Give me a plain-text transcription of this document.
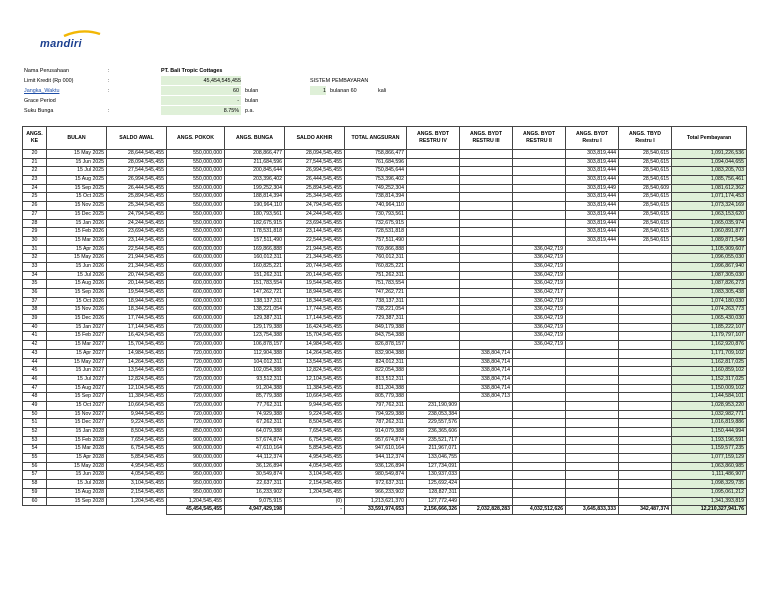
mandiri
Nama Perusahaan	:	PT. Bali Tropic Cottages
Limit Kredit (Rp 000)	:	45,454,545,455	SISTEM PEMBAYARAN
Jangka_Waktu	:	60 bulan	1 bulanan 60	kali
Grace Period	- bulan
Suku Bunga	:	8.75% p.a.
ANGS. KE	BULAN	SALDO AWAL	ANGS. POKOK	ANGS. BUNGA	SALDO AKHIR	TOTAL ANGSURAN	ANGS. BYDT RESTRU IV	ANGS. BYDT RESTRU III	ANGS. BYDT RESTRU II	ANGS. BYDT Restru I	ANGS. TBYD Restru I	Total Pembayaran
20	15 May 2025	28,644,545,455	550,000,000	208,866,477	28,094,545,455	758,866,477				303,819,444	28,540,615	1,091,226,536
21	15 Jun 2025	28,094,545,455	550,000,000	211,684,596	27,544,545,455	761,684,596				303,819,444	28,540,615	1,094,044,655
22	15 Jul 2025	27,544,545,455	550,000,000	200,845,644	26,994,545,455	750,845,644				303,819,444	28,540,615	1,083,205,703
23	15 Aug 2025	26,994,545,455	550,000,000	203,396,402	26,444,545,455	753,396,402				303,819,444	28,540,615	1,085,756,461
24	15 Sep 2025	26,444,545,455	550,000,000	199,252,304	25,894,545,455	749,252,304				303,819,449	28,540,609	1,081,612,362
25	15 Oct 2025	25,894,545,455	550,000,000	188,814,394	25,344,545,455	738,814,394				303,819,444	28,540,615	1,071,174,453
26	15 Nov 2025	25,344,545,455	550,000,000	190,964,110	24,794,545,455	740,964,110				303,819,444	28,540,615	1,073,324,169
27	15 Dec 2025	24,794,545,455	550,000,000	180,793,561	24,244,545,455	730,793,561				303,819,444	28,540,615	1,063,153,620
28	15 Jan 2026	24,244,545,455	550,000,000	182,675,915	23,694,545,455	732,675,915				303,819,444	28,540,615	1,065,035,974
29	15 Feb 2026	23,694,545,455	550,000,000	178,531,818	23,144,545,455	728,531,818				303,819,444	28,540,615	1,060,891,877
30	15 Mar 2026	23,144,545,455	600,000,000	157,511,490	22,544,545,455	757,511,490				303,819,444	28,540,615	1,089,871,549
31	15 Apr 2026	22,544,545,455	600,000,000	169,866,888	21,944,545,455	769,866,888			336,042,719			1,105,909,607
32	15 May 2026	21,944,545,455	600,000,000	160,012,311	21,344,545,455	760,012,311			336,042,719			1,096,055,030
33	15 Jun 2026	21,344,545,455	600,000,000	160,825,221	20,744,545,455	760,825,221			336,042,719			1,096,867,940
34	15 Jul 2026	20,744,545,455	600,000,000	151,262,311	20,144,545,455	751,262,311			336,042,719			1,087,305,030
35	15 Aug 2026	20,144,545,455	600,000,000	151,783,554	19,544,545,455	751,783,554			336,042,719			1,087,826,273
36	15 Sep 2026	19,544,545,455	600,000,000	147,262,721	18,944,545,455	747,262,721			336,042,717			1,083,305,438
37	15 Oct 2026	18,944,545,455	600,000,000	138,137,311	18,344,545,455	738,137,311			336,042,719			1,074,180,030
38	15 Nov 2026	18,344,545,455	600,000,000	138,221,054	17,744,545,455	738,221,054			336,042,719			1,074,263,773
39	15 Dec 2026	17,744,545,455	600,000,000	129,387,311	17,144,545,455	729,387,311			336,042,719			1,065,430,030
40	15 Jan 2027	17,144,545,455	720,000,000	129,179,388	16,424,545,455	849,179,388			336,042,719			1,185,222,107
41	15 Feb 2027	16,424,545,455	720,000,000	123,754,388	15,704,545,455	843,754,388			336,042,719			1,179,797,107
42	15 Mar 2027	15,704,545,455	720,000,000	106,878,157	14,984,545,455	826,878,157			336,042,719			1,162,920,876
43	15 Apr 2027	14,984,545,455	720,000,000	112,904,388	14,264,545,455	832,904,388		338,804,714				1,171,709,102
44	15 May 2027	14,264,545,455	720,000,000	104,012,311	13,544,545,455	824,012,311		338,804,714				1,162,817,025
45	15 Jun 2027	13,544,545,455	720,000,000	102,054,388	12,824,545,455	822,054,388		338,804,714				1,160,859,102
46	15 Jul 2027	12,824,545,455	720,000,000	93,512,311	12,104,545,455	813,512,311		338,804,714				1,152,317,025
47	15 Aug 2027	12,104,545,455	720,000,000	91,204,388	11,384,545,455	811,204,388		338,804,714				1,150,009,102
48	15 Sep 2027	11,384,545,455	720,000,000	85,779,388	10,664,545,455	805,779,388		338,804,713				1,144,584,101
49	15 Oct 2027	10,664,545,455	720,000,000	77,762,311	9,944,545,455	797,762,311	231,190,909					1,028,953,220
50	15 Nov 2027	9,944,545,455	720,000,000	74,929,388	9,224,545,455	794,929,388	238,053,384					1,032,982,771
51	15 Dec 2027	9,224,545,455	720,000,000	67,262,311	8,504,545,455	787,262,311	229,557,576					1,016,819,886
52	15 Jan 2028	8,504,545,455	850,000,000	64,079,388	7,654,545,455	914,079,388	236,365,606					1,150,444,994
53	15 Feb 2028	7,654,545,455	900,000,000	57,674,874	6,754,545,455	957,674,874	235,521,717					1,193,196,591
54	15 Mar 2028	6,754,545,455	900,000,000	47,610,164	5,854,545,455	947,610,164	211,967,071					1,159,577,235
55	15 Apr 2028	5,854,545,455	900,000,000	44,112,374	4,954,545,455	944,112,374	133,046,755					1,077,159,129
56	15 May 2028	4,954,545,455	900,000,000	36,126,894	4,054,545,455	936,126,894	127,734,091					1,063,860,985
57	15 Jun 2028	4,054,545,455	950,000,000	30,549,874	3,104,545,455	980,549,874	130,937,033					1,111,486,907
58	15 Jul 2028	3,104,545,455	950,000,000	22,637,311	2,154,545,455	972,637,311	125,692,424					1,098,329,735
59	15 Aug 2028	2,154,545,455	950,000,000	16,233,902	1,204,545,455	966,233,902	128,827,311					1,095,061,212
60	15 Sep 2028	1,204,545,455	1,204,545,455	9,075,915	(0)	1,213,621,370	127,772,449					1,341,393,819
			45,454,545,455	4,947,429,198	-	33,591,974,653	2,156,666,326	2,032,828,283	4,032,512,626	3,645,833,333	342,487,374	12,210,327,941.76
